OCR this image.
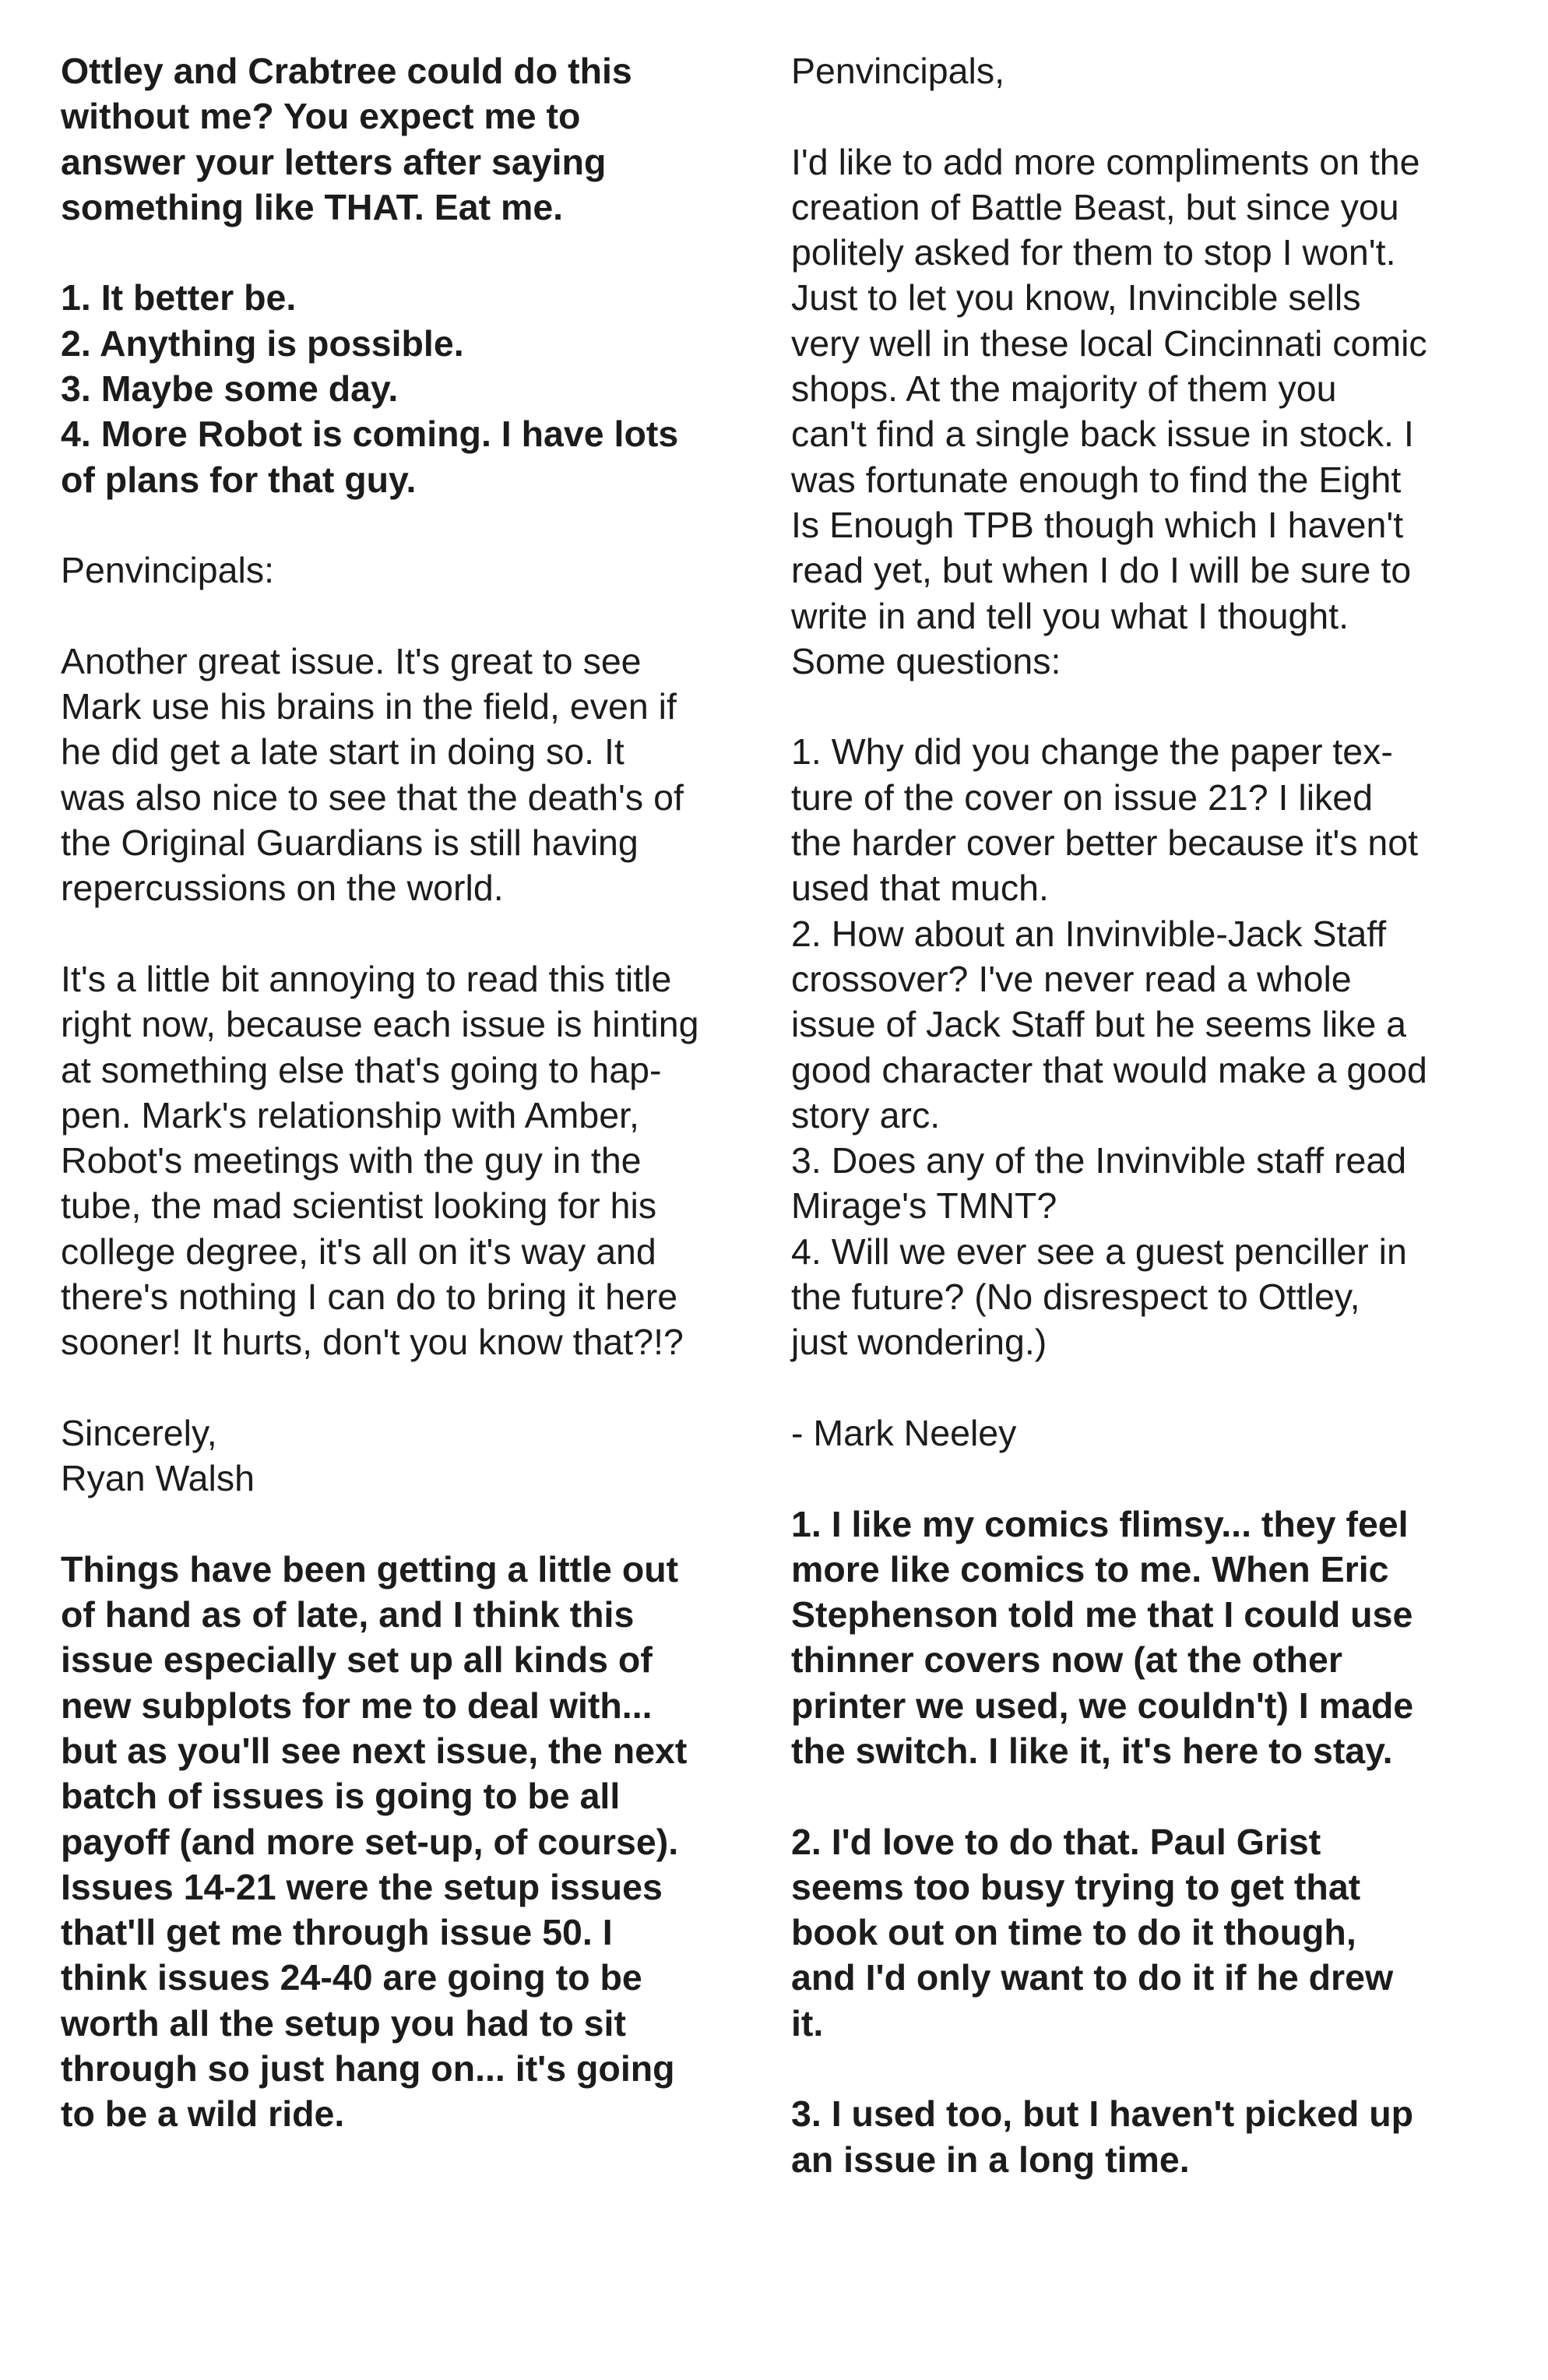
Ottley and Crabtree could do this
without me? You expect me to
answer your letters after saying
something like THAT. Eat me.

1. It better be.
2. Anything is possible.
3. Maybe some day.
4. More Robot is coming. I have lots
of plans for that guy.

Penvincipals:

Another great issue. It's great to see
Mark use his brains in the field, even if
he did get a late start in doing so. It
was also nice to see that the death's of
the Original Guardians is still having
repercussions on the world.

It's a little bit annoying to read this title
right now, because each issue is hinting
at something else that's going to hap-
pen. Mark's relationship with Amber,
Robot's meetings with the guy in the
tube, the mad scientist looking for his
college degree, it's all on it's way and
there's nothing I can do to bring it here
sooner! It hurts, don't you know that?!?

Sincerely,
Ryan Walsh

Things have been getting a little out
of hand as of late, and I think this
issue especially set up all kinds of
new subplots for me to deal with...
but as you'll see next issue, the next
batch of issues is going to be all
payoff (and more set-up, of course).
Issues 14-21 were the setup issues
that'll get me through issue 50. I
think issues 24-40 are going to be
worth all the setup you had to sit
through so just hang on... it's going
to be a wild ride.

Penvincipals,

I'd like to add more compliments on the
creation of Battle Beast, but since you
politely asked for them to stop I won't.
Just to let you know, Invincible sells
very well in these local Cincinnati comic
shops. At the majority of them you
can't find a single back issue in stock. I
was fortunate enough to find the Eight
Is Enough TPB though which I haven't
read yet, but when I do I will be sure to
write in and tell you what I thought.
Some questions:

1. Why did you change the paper tex-
ture of the cover on issue 21? I liked
the harder cover better because it's not
used that much.
2. How about an Invinvible-Jack Staff
crossover? I've never read a whole
issue of Jack Staff but he seems like a
good character that would make a good
story arc.
3. Does any of the Invinvible staff read
Mirage's TMNT?
4. Will we ever see a guest penciller in
the future? (No disrespect to Ottley,
just wondering.)

- Mark Neeley

1. I like my comics flimsy... they feel
more like comics to me. When Eric
Stephenson told me that I could use
thinner covers now (at the other
printer we used, we couldn't) I made
the switch. I like it, it's here to stay.

2. I'd love to do that. Paul Grist
seems too busy trying to get that
book out on time to do it though,
and I'd only want to do it if he drew
it.

3. I used too, but I haven't picked up
an issue in a long time.
